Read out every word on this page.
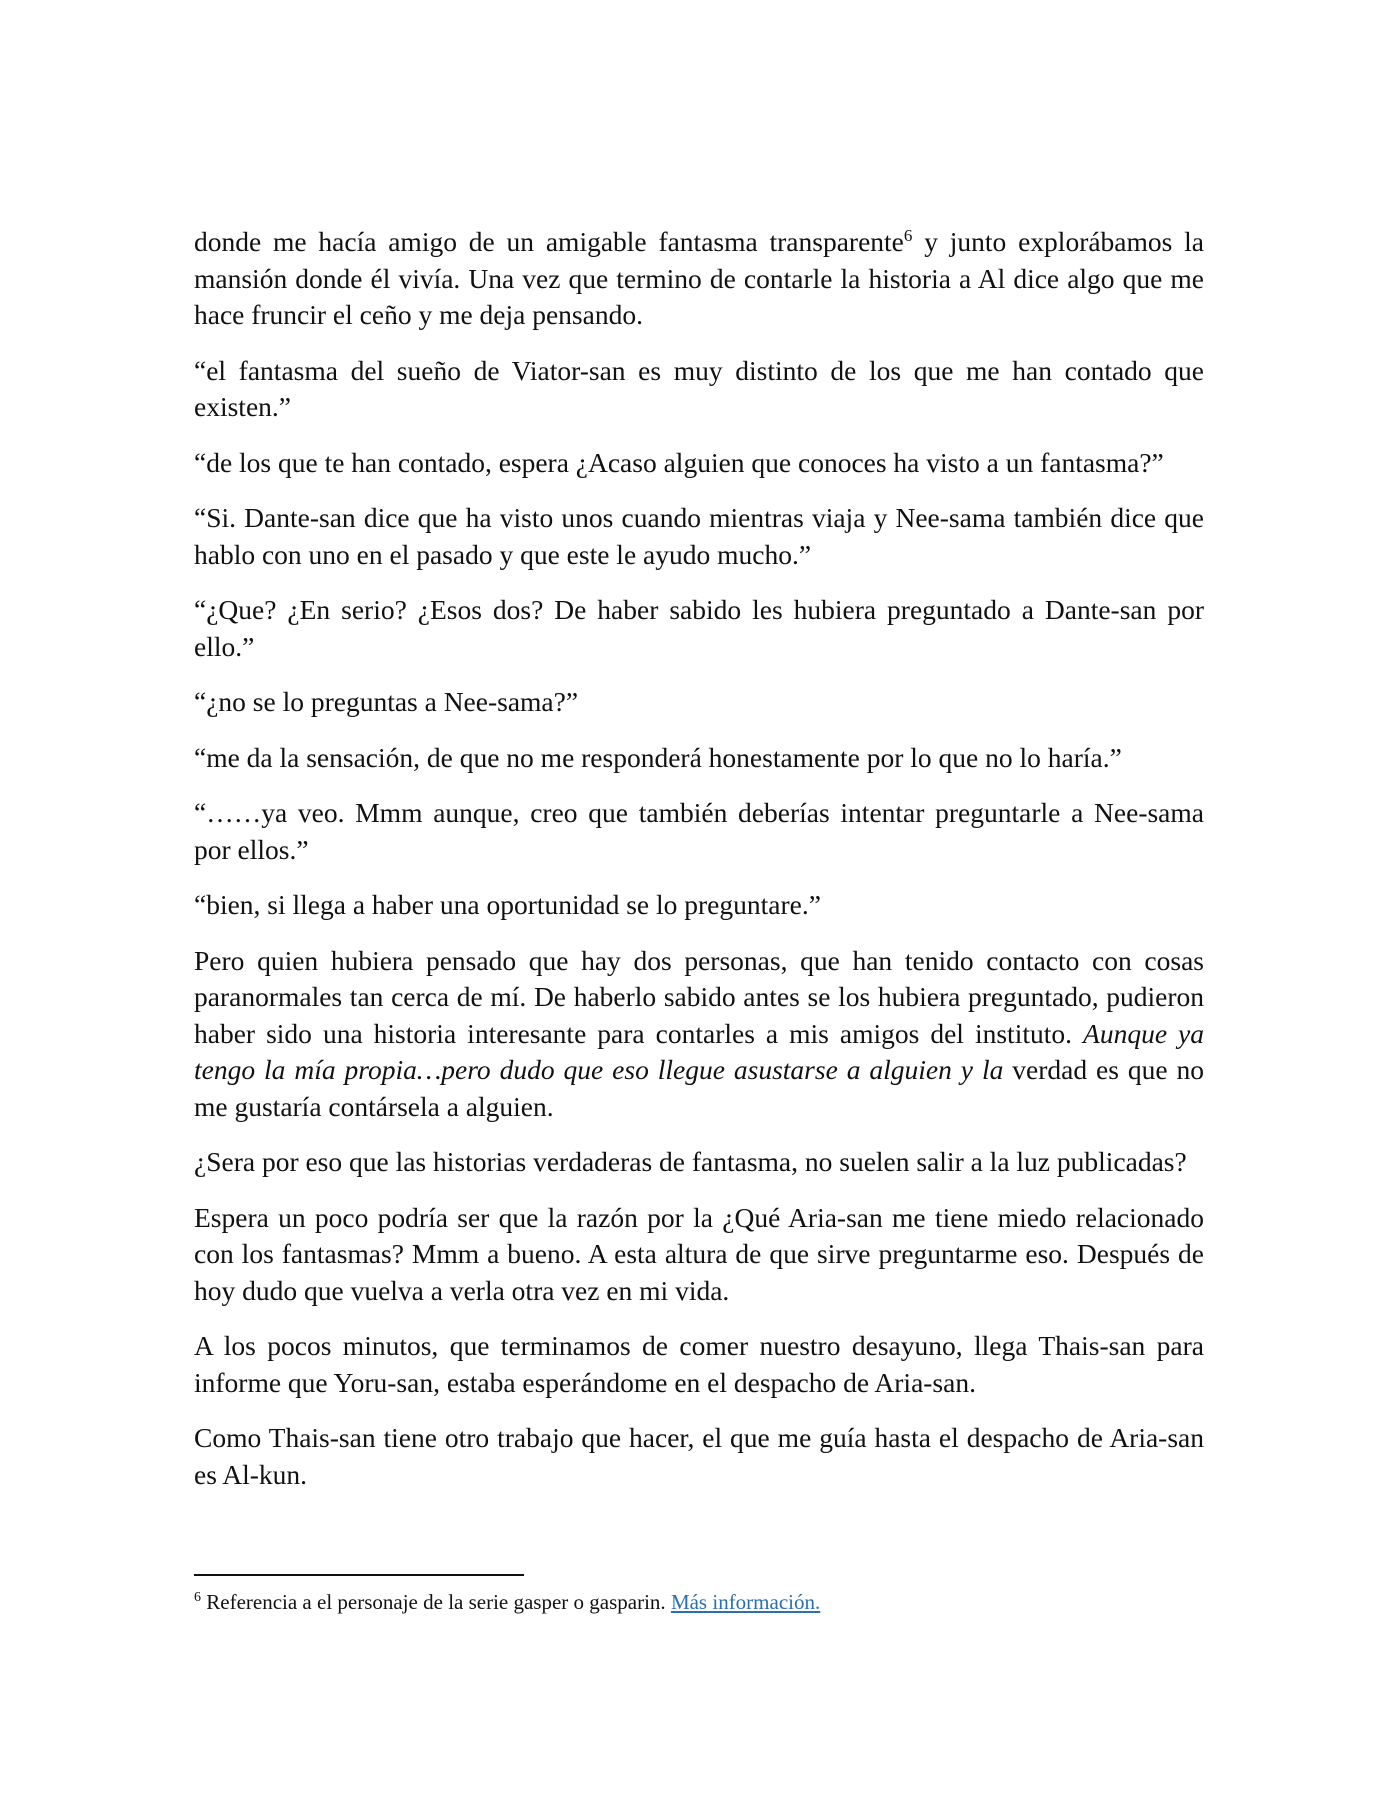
donde me hacía amigo de un amigable fantasma transparente$^6$ y junto explorábamos la mansión donde él vivía. Una vez que termino de contarle la historia a Al dice algo que me hace fruncir el ceño y me deja pensando.

“el fantasma del sueño de Viator-san es muy distinto de los que me han contado que existen.”

“de los que te han contado, espera ¿Acaso alguien que conoces ha visto a un fantasma?”

“Si. Dante-san dice que ha visto unos cuando mientras viaja y Nee-sama también dice que hablo con uno en el pasado y que este le ayudo mucho.”

“¿Que? ¿En serio? ¿Esos dos? De haber sabido les hubiera preguntado a Dante-san por ello.”

“¿no se lo preguntas a Nee-sama?”

“me da la sensación, de que no me responderá honestamente por lo que no lo haría.”

“……ya veo. Mmm aunque, creo que también deberías intentar preguntarle a Nee-sama por ellos.”

“bien, si llega a haber una oportunidad se lo preguntare.”

Pero quien hubiera pensado que hay dos personas, que han tenido contacto con cosas paranormales tan cerca de mí. De haberlo sabido antes se los hubiera preguntado, pudieron haber sido una historia interesante para contarles a mis amigos del instituto. Aunque ya tengo la mía propia…pero dudo que eso llegue asustarse a alguien y la verdad es que no me gustaría contársela a alguien.

¿Sera por eso que las historias verdaderas de fantasma, no suelen salir a la luz publicadas?

Espera un poco podría ser que la razón por la ¿Qué Aria-san me tiene miedo relacionado con los fantasmas? Mmm a bueno. A esta altura de que sirve preguntarme eso. Después de hoy dudo que vuelva a verla otra vez en mi vida.

A los pocos minutos, que terminamos de comer nuestro desayuno, llega Thais-san para informe que Yoru-san, estaba esperándome en el despacho de Aria-san.

Como Thais-san tiene otro trabajo que hacer, el que me guía hasta el despacho de Aria-san es Al-kun.

$^6$ Referencia a el personaje de la serie gasper o gasparin. Más información.
